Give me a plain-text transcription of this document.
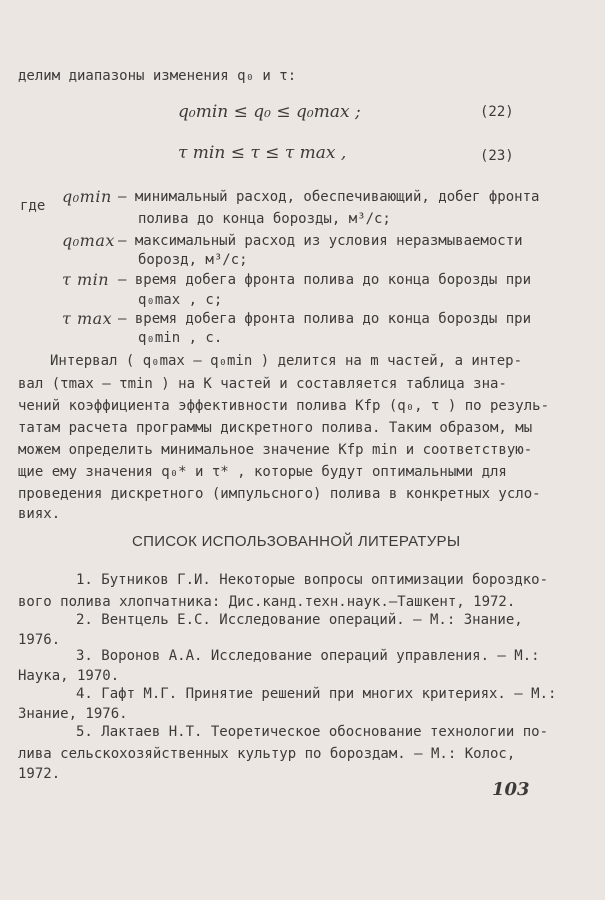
делим диапазоны изменения q₀ и τ:
q₀min ≤ q₀ ≤ q₀max ;	(22)
τ min ≤ τ ≤ τ max ,	(23)
где q₀min – минимальный расход, обеспечивающий, добег фронта
полива до конца борозды, м³/с;
q₀max – максимальный расход из условия неразмываемости
борозд, м³/с;
τ min – время добега фронта полива до конца борозды при
q₀max , с;
τ max – время добега фронта полива до конца борозды при
q₀min , с.
Интервал ( q₀max – q₀min ) делится на m частей, а интер-
вал (τmax – τmin ) на K частей и составляется таблица зна-
чений коэффициента эффективности полива Kfp (q₀, τ ) по резуль-
татам расчета программы дискретного полива. Таким образом, мы
можем определить минимальное значение Kfp min и соответствую-
щие ему значения q₀* и τ* , которые будут оптимальными для
проведения дискретного (импульсного) полива в конкретных усло-
виях.
СПИСОК ИСПОЛЬЗОВАННОЙ ЛИТЕРАТУРЫ
1. Бутников Г.И. Некоторые вопросы оптимизации бороздко-
вого полива хлопчатника: Дис.канд.техн.наук.–Ташкент, 1972.
2. Вентцель Е.С. Исследование операций. – М.: Знание,
1976.
3. Воронов А.А. Исследование операций управления. – М.:
Наука, 1970.
4. Гафт М.Г. Принятие решений при многих критериях. – М.:
Знание, 1976.
5. Лактаев Н.Т. Теоретическое обоснование технологии по-
лива сельскохозяйственных культур по бороздам. – М.: Колос,
1972.
103
